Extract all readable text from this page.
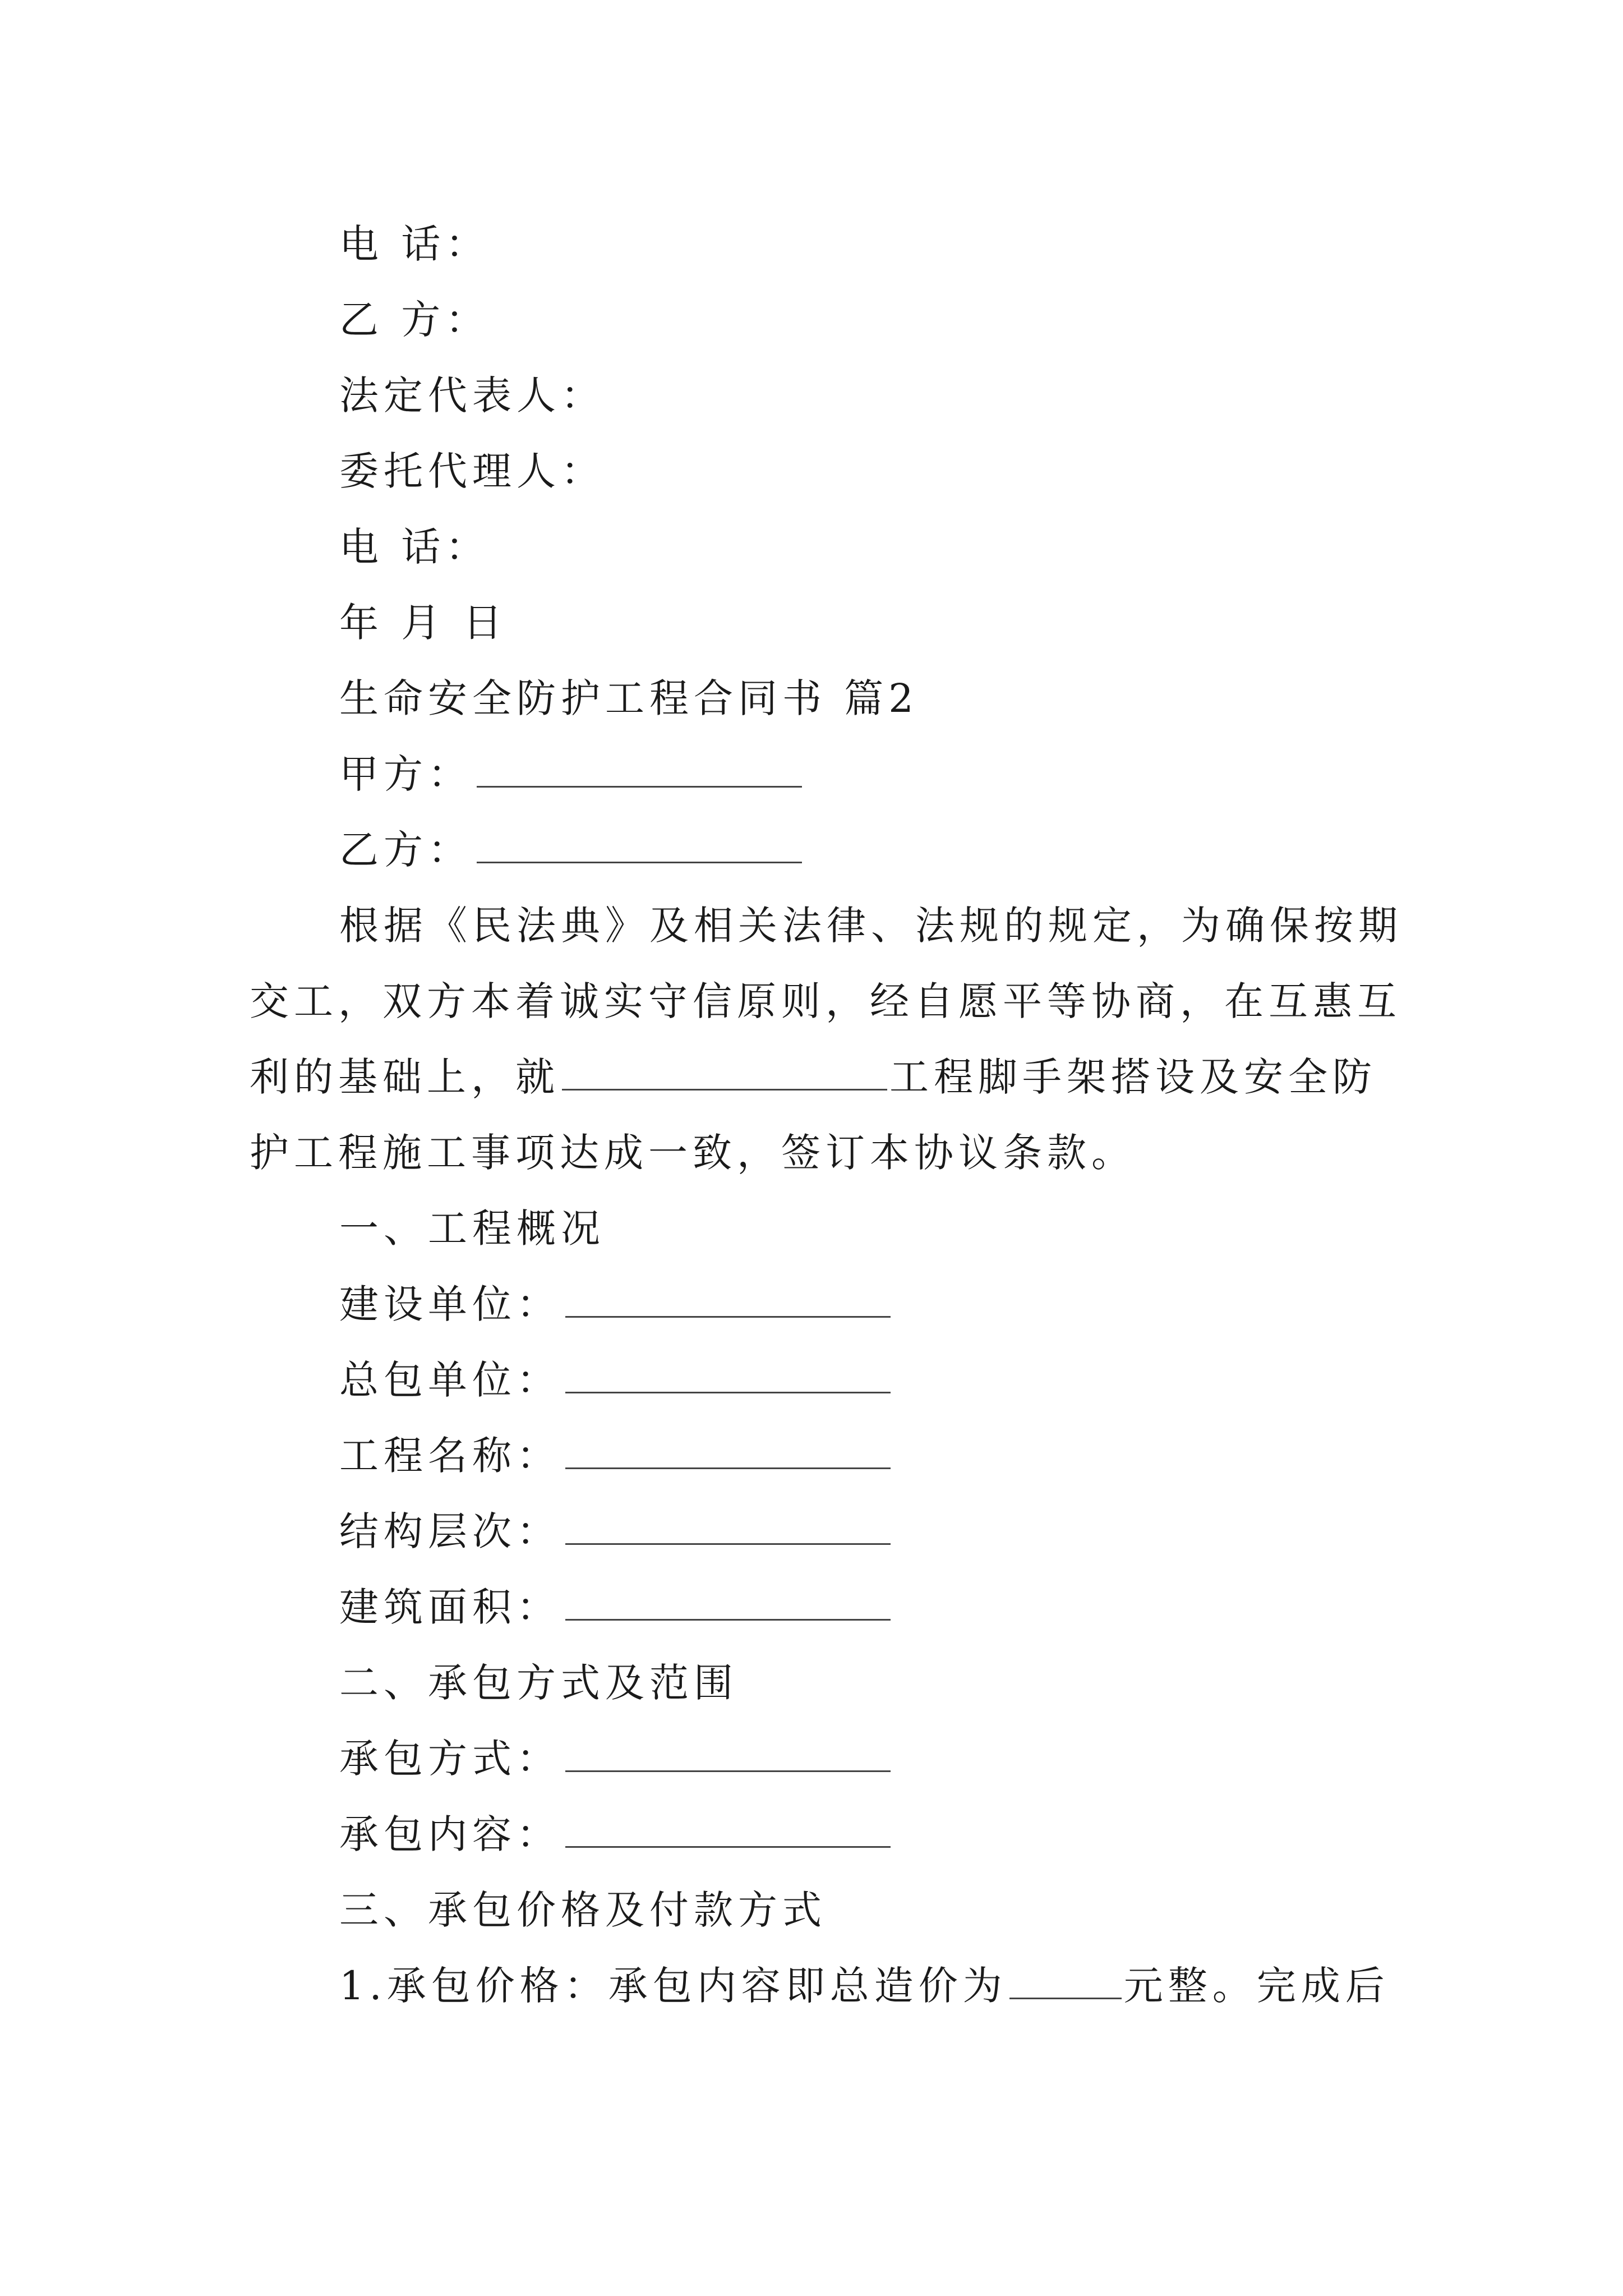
电 话：
乙 方：
法定代表人：
委托代理人：
电 话：
年 月 日
生命安全防护工程合同书 篇2
甲方：
乙方：
根据《民法典》及相关法律、法规的规定，为确保按期
交工，双方本着诚实守信原则，经自愿平等协商，在互惠互
利的基础上，就	工程脚手架搭设及安全防
护工程施工事项达成一致，签订本协议条款。
一、工程概况
建设单位：
总包单位：
工程名称：
结构层次：
建筑面积：
二、承包方式及范围
承包方式：
承包内容：
三、承包价格及付款方式
1.承包价格：承包内容即总造价为	元整。完成后
